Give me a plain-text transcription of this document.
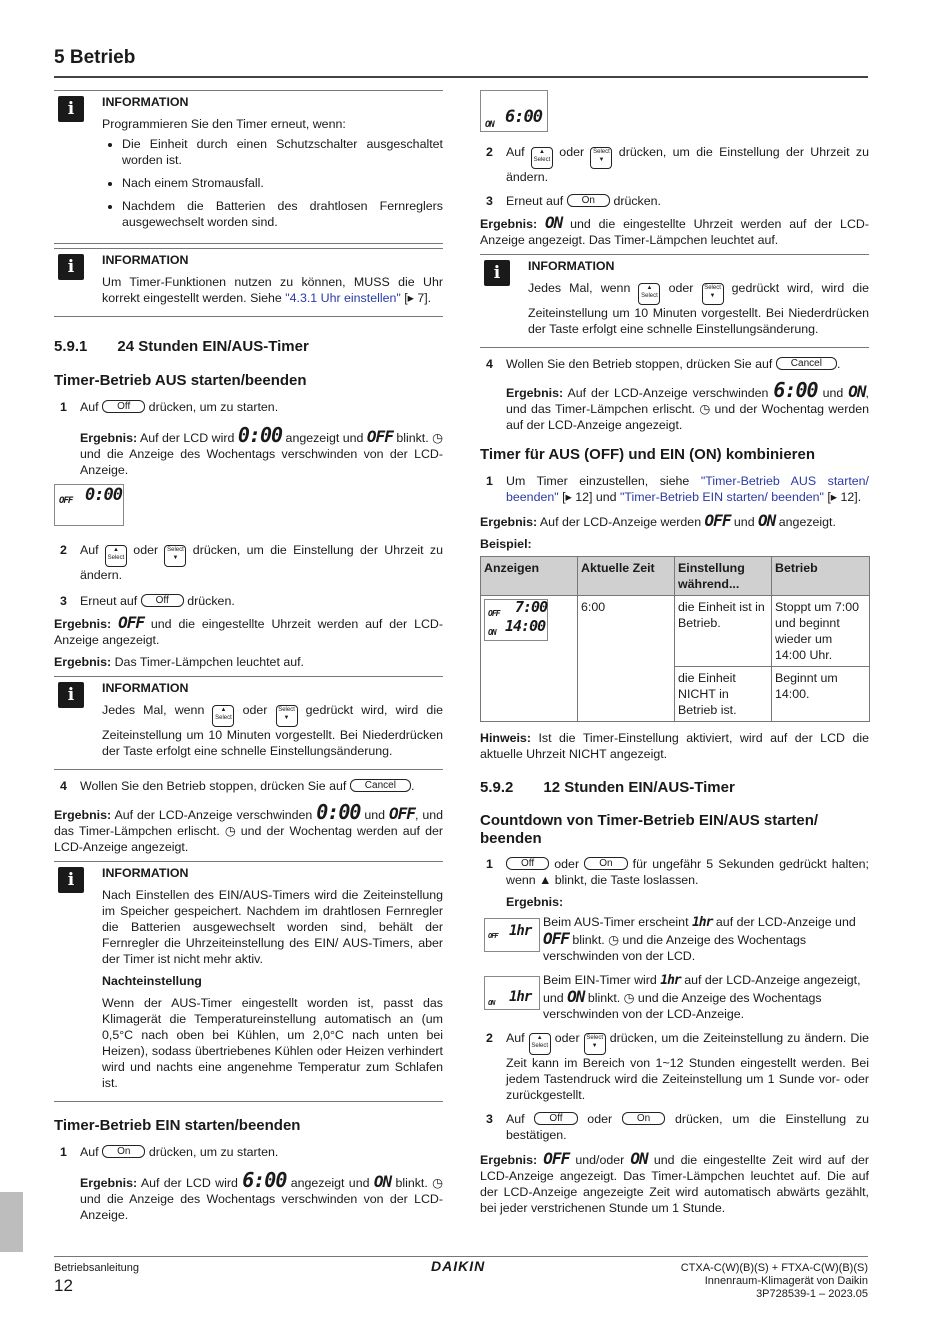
5 Betrieb
i	INFORMATION

Programmieren Sie den Timer erneut, wenn:

• Die Einheit durch einen Schutzschalter ausgeschaltet worden ist.
• Nach einem Stromausfall.
• Nachdem die Batterien des drahtlosen Fernreglers ausgewechselt worden sind.
i	INFORMATION

Um Timer-Funktionen nutzen zu können, MUSS die Uhr korrekt eingestellt werden. Siehe "4.3.1 Uhr einstellen" [▸ 7].

5.9.1 24 Stunden EIN/AUS-Timer
Timer-Betrieb AUS starten/beenden
1 Auf Off drücken, um zu starten.
Ergebnis: Auf der LCD wird 0:00 angezeigt und OFF blinkt. ◷ und die Anzeige des Wochentags verschwinden von der LCD-Anzeige.
OFF 0:00
2 Auf ▲
Select oder Select
▼ drücken, um die Einstellung der Uhrzeit zu ändern.
3 Erneut auf Off drücken.
Ergebnis: OFF und die eingestellte Uhrzeit werden auf der LCD-Anzeige angezeigt.
Ergebnis: Das Timer-Lämpchen leuchtet auf.
i	INFORMATION

Jedes Mal, wenn	▲
Select oder Select
▼ gedrückt wird, wird die Zeiteinstellung um 10 Minuten vorgestellt. Bei Niederdrücken der Taste erfolgt eine schnelle Einstellungsänderung.

4 Wollen Sie den Betrieb stoppen, drücken Sie auf Cancel .
Ergebnis: Auf der LCD-Anzeige verschwinden 0:00 und OFF, und das Timer-Lämpchen erlischt. ◷ und der Wochentag werden auf der LCD-Anzeige angezeigt.
i	INFORMATION

Nach Einstellen des EIN/AUS-Timers wird die Zeiteinstellung im Speicher gespeichert. Nachdem im drahtlosen Fernregler die Batterien ausgewechselt worden sind, behält der Fernregler die Uhrzeiteinstellung des EIN/ AUS-Timers, aber der Timer ist nicht mehr aktiv.

Nachteinstellung

Wenn der AUS-Timer eingestellt worden ist, passt das Klimagerät die Temperatureinstellung automatisch an (um 0,5°C nach oben bei Kühlen, um 2,0°C nach unten bei Heizen), sodass übertriebenes Kühlen oder Heizen verhindert wird und nachts eine angenehme Temperatur zum Schlafen ist.

Timer-Betrieb EIN starten/beenden
1 Auf On drücken, um zu starten.
Ergebnis: Auf der LCD wird 6:00 angezeigt und ON blinkt. ◷ und die Anzeige des Wochentags verschwinden von der LCD-Anzeige.
ON 6:00
2 Auf ▲
Select oder Select
▼ drücken, um die Einstellung der Uhrzeit zu ändern.
3 Erneut auf On drücken.
Ergebnis: ON und die eingestellte Uhrzeit werden auf der LCD-Anzeige angezeigt. Das Timer-Lämpchen leuchtet auf.
i	INFORMATION

Jedes Mal, wenn	▲
Select oder Select
▼ gedrückt wird, wird die Zeiteinstellung um 10 Minuten vorgestellt. Bei Niederdrücken der Taste erfolgt eine schnelle Einstellungsänderung.

4 Wollen Sie den Betrieb stoppen, drücken Sie auf Cancel .
Ergebnis: Auf der LCD-Anzeige verschwinden 6:00 und ON, und das Timer-Lämpchen erlischt. ◷ und der Wochentag werden auf der LCD-Anzeige angezeigt.
Timer für AUS (OFF) und EIN (ON) kombinieren
1 Um Timer einzustellen, siehe "Timer-Betrieb AUS starten/ beenden" [▸ 12] und "Timer-Betrieb EIN starten/ beenden" [▸ 12].
Ergebnis: Auf der LCD-Anzeige werden OFF und ON angezeigt.
Beispiel:
Anzeigen	Aktuelle Zeit	Einstellung während...	Betrieb

OFF 7:00
ON 14:00	6:00	die Einheit ist in Betrieb.	Stoppt um 7:00 und beginnt wieder um 14:00 Uhr.
		die Einheit NICHT in Betrieb ist.	Beginnt um 14:00.
Hinweis: Ist die Timer-Einstellung aktiviert, wird auf der LCD die aktuelle Uhrzeit NICHT angezeigt.
5.9.2 12 Stunden EIN/AUS-Timer
Countdown von Timer-Betrieb EIN/AUS starten/ beenden
1	Off oder On für ungefähr 5 Sekunden gedrückt halten; wenn ▲ blinkt, die Taste loslassen.
Ergebnis:
OFF 1hr
Beim AUS-Timer erscheint 1hr auf der LCD-Anzeige und OFF blinkt. ◷ und die Anzeige des Wochentags verschwinden von der LCD.
ON 1hr
Beim EIN-Timer wird 1hr auf der LCD-Anzeige angezeigt, und ON blinkt. ◷ und die Anzeige des Wochentags verschwinden von der LCD-Anzeige.
2 Auf ▲
Select oder Select
▼ drücken, um die Zeiteinstellung zu ändern. Die Zeit kann im Bereich von 1~12 Stunden eingestellt werden. Bei jedem Tastendruck wird die Zeiteinstellung um 1 Sunde vor- oder zurückgestellt.
3 Auf Off oder On drücken, um die Einstellung zu bestätigen.
Ergebnis: OFF und/oder ON und die eingestellte Zeit wird auf der LCD-Anzeige angezeigt. Das Timer-Lämpchen leuchtet auf. Die auf der LCD-Anzeige angezeigte Zeit wird automatisch abwärts gezählt, bei jeder verstrichenen Stunde um 1 Stunde.
Betriebsanleitung
12
DAIKIN	CTXA-C(W)(B)(S) + FTXA-C(W)(B)(S)
Innenraum-Klimagerät von Daikin
3P728539-1 – 2023.05
